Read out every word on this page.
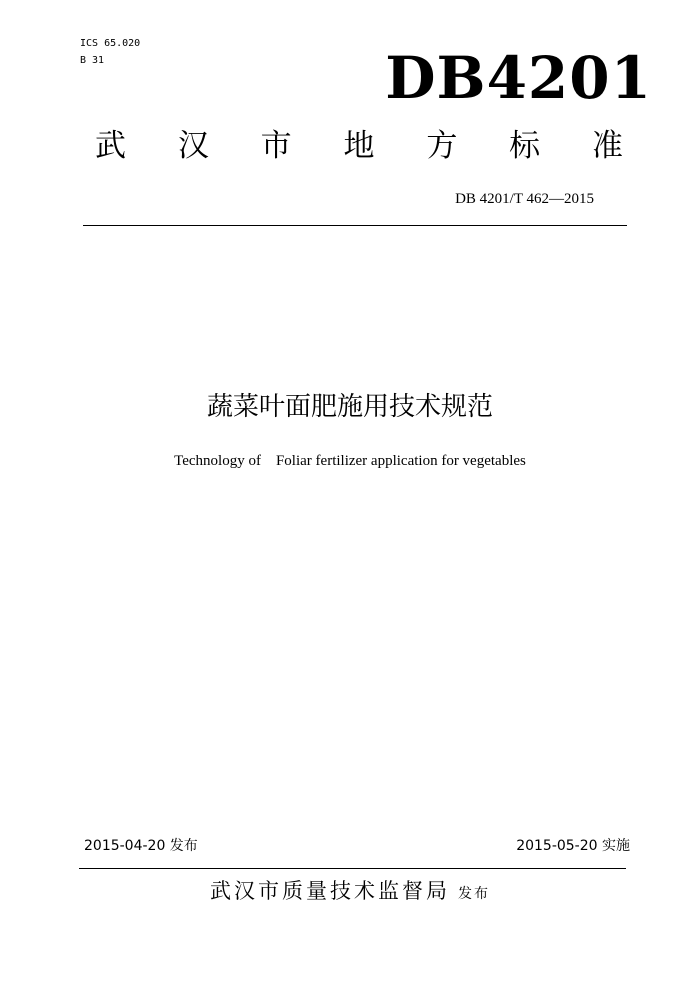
ICS 65.020
B 31	DB4201
武 汉 市 地 方 标 准
DB 4201/T 462—2015
蔬菜叶面肥施用技术规范
Technology of    Foliar fertilizer application for vegetables
2015-04-20 发布	2015-05-20 实施
武汉市质量技术监督局 发布
